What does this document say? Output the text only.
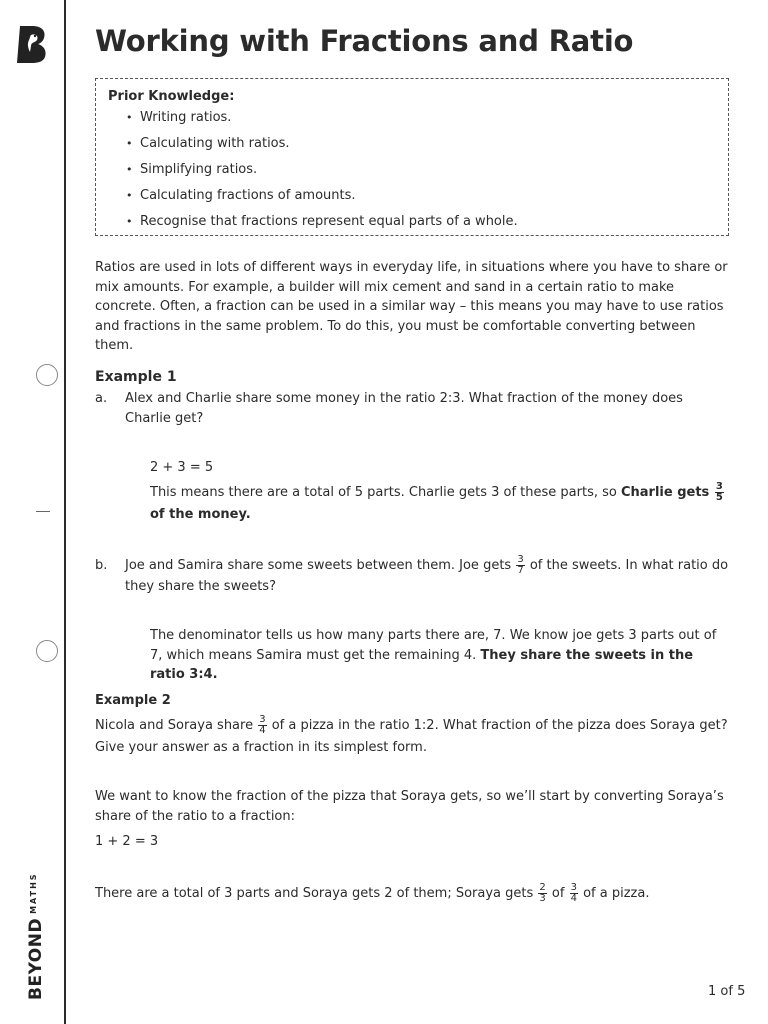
$BEYOND^{MATHS}$
Working with Fractions and Ratio
Prior Knowledge:
• Writing ratios.
• Calculating with ratios.
• Simplifying ratios.
• Calculating fractions of amounts.
• Recognise that fractions represent equal parts of a whole.

Ratios are used in lots of different ways in everyday life, in situations where you have to share or mix amounts. For example, a builder will mix cement and sand in a certain ratio to make concrete. Often, a fraction can be used in a similar way – this means you may have to use ratios and fractions in the same problem. To do this, you must be comfortable converting between them.

Example 1
a. Alex and Charlie share some money in the ratio 2:3. What fraction of the money does Charlie get?
2 + 3 = 5
This means there are a total of 5 parts. Charlie gets 3 of these parts, so Charlie gets $\frac{3}{5}$
of the money.
b. Joe and Samira share some sweets between them. Joe gets $\frac{3}{7}$ of the sweets. In what ratio do they share the sweets?
The denominator tells us how many parts there are, 7. We know joe gets 3 parts out of 7, which means Samira must get the remaining 4. They share the sweets in the ratio 3:4.
Example 2
Nicola and Soraya share $\frac{3}{4}$ of a pizza in the ratio 1:2. What fraction of the pizza does Soraya get? Give your answer as a fraction in its simplest form.
We want to know the fraction of the pizza that Soraya gets, so we’ll start by converting Soraya’s share of the ratio to a fraction:
1 + 2 = 3
There are a total of 3 parts and Soraya gets 2 of them; Soraya gets $\frac{2}{3}$ of $\frac{3}{4}$ of a pizza.
1 of 5
